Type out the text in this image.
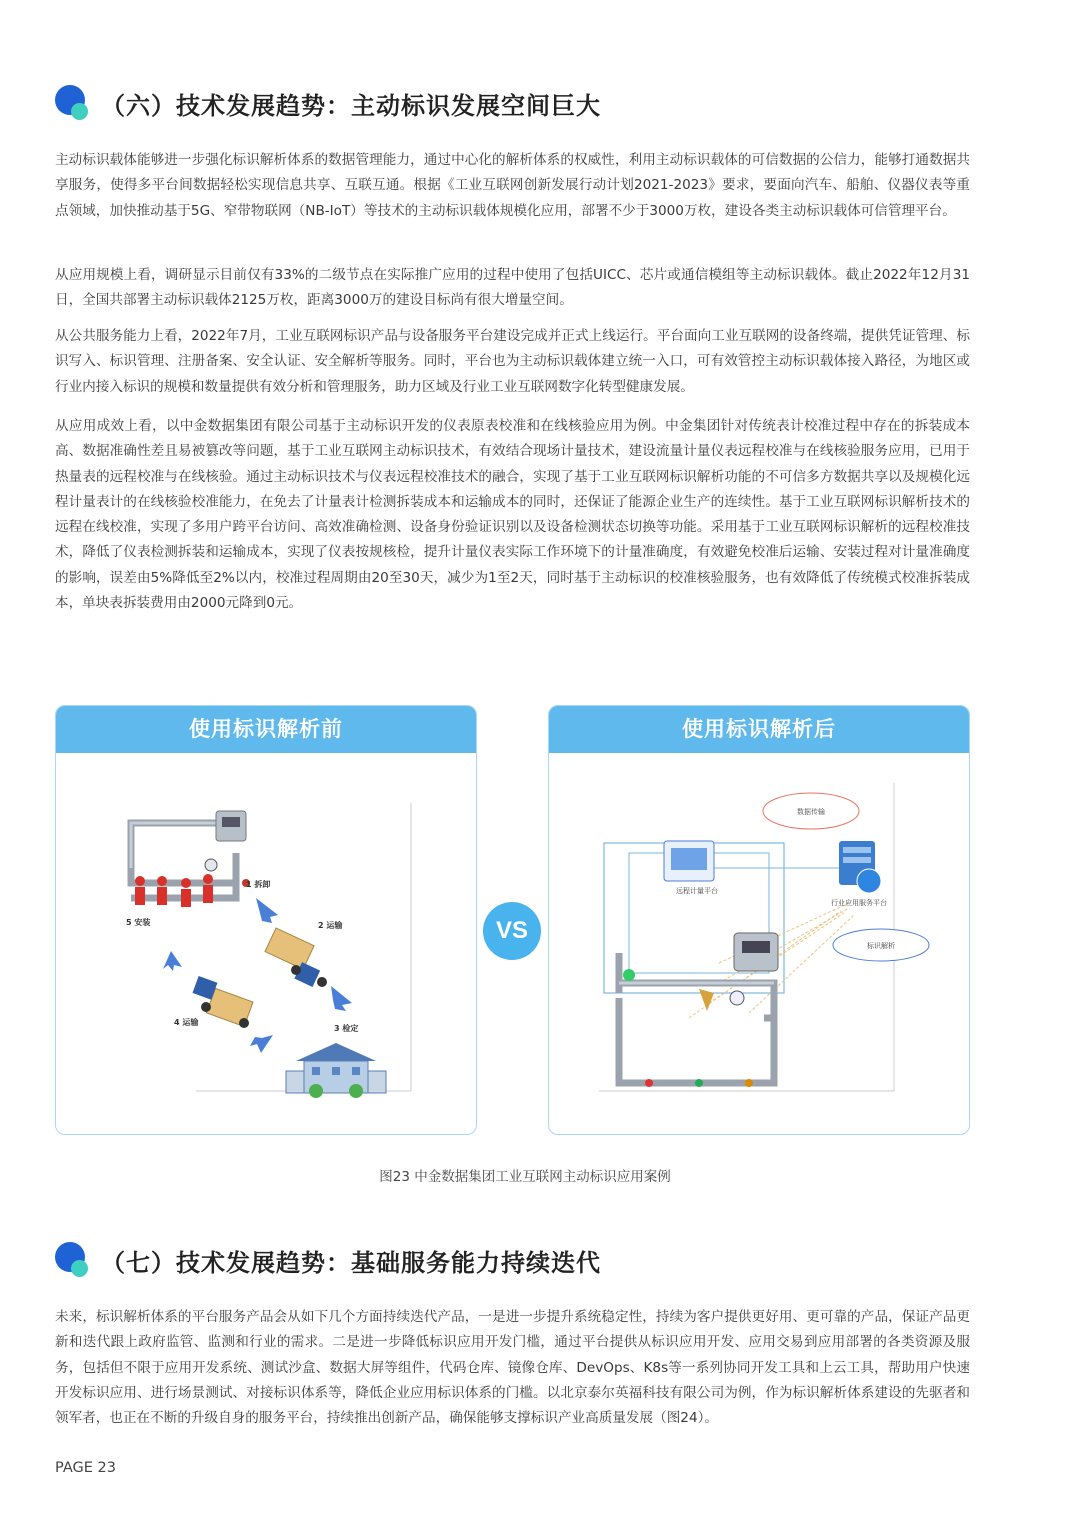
（六）技术发展趋势：主动标识发展空间巨大

主动标识载体能够进一步强化标识解析体系的数据管理能力，通过中心化的解析体系的权威性，利用主动标识载体的可信数据的公信力，能够打通数据共享服务，使得多平台间数据轻松实现信息共享、互联互通。根据《工业互联网创新发展行动计划2021-2023》要求，要面向汽车、船舶、仪器仪表等重点领域，加快推动基于5G、窄带物联网（NB-IoT）等技术的主动标识载体规模化应用，部署不少于3000万枚，建设各类主动标识载体可信管理平台。

从应用规模上看，调研显示目前仅有33%的二级节点在实际推广应用的过程中使用了包括UICC、芯片或通信模组等主动标识载体。截止2022年12月31日，全国共部署主动标识载体2125万枚，距离3000万的建设目标尚有很大增量空间。

从公共服务能力上看，2022年7月，工业互联网标识产品与设备服务平台建设完成并正式上线运行。平台面向工业互联网的设备终端，提供凭证管理、标识写入、标识管理、注册备案、安全认证、安全解析等服务。同时，平台也为主动标识载体建立统一入口，可有效管控主动标识载体接入路径，为地区或行业内接入标识的规模和数量提供有效分析和管理服务，助力区域及行业工业互联网数字化转型健康发展。

从应用成效上看，以中金数据集团有限公司基于主动标识开发的仪表原表校准和在线核验应用为例。中金集团针对传统表计校准过程中存在的拆装成本高、数据准确性差且易被篡改等问题，基于工业互联网主动标识技术，有效结合现场计量技术，建设流量计量仪表远程校准与在线核验服务应用，已用于热量表的远程校准与在线核验。通过主动标识技术与仪表远程校准技术的融合，实现了基于工业互联网标识解析功能的不可信多方数据共享以及规模化远程计量表计的在线核验校准能力，在免去了计量表计检测拆装成本和运输成本的同时，还保证了能源企业生产的连续性。基于工业互联网标识解析技术的远程在线校准，实现了多用户跨平台访问、高效准确检测、设备身份验证识别以及设备检测状态切换等功能。采用基于工业互联网标识解析的远程校准技术，降低了仪表检测拆装和运输成本，实现了仪表按规核检，提升计量仪表实际工作环境下的计量准确度，有效避免校准后运输、安装过程对计量准确度的影响，误差由5%降低至2%以内，校准过程周期由20至30天，减少为1至2天，同时基于主动标识的校准核验服务，也有效降低了传统模式校准拆装成本，单块表拆装费用由2000元降到0元。

使用标识解析前
1 拆卸
5 安装	2 运输
4 运输
3 检定
VS
使用标识解析后
数据传输
远程计量平台
行业应用服务平台
标识解析
图23 中金数据集团工业互联网主动标识应用案例
（七）技术发展趋势：基础服务能力持续迭代

未来，标识解析体系的平台服务产品会从如下几个方面持续迭代产品，一是进一步提升系统稳定性，持续为客户提供更好用、更可靠的产品，保证产品更新和迭代跟上政府监管、监测和行业的需求。二是进一步降低标识应用开发门槛，通过平台提供从标识应用开发、应用交易到应用部署的各类资源及服务，包括但不限于应用开发系统、测试沙盒、数据大屏等组件，代码仓库、镜像仓库、DevOps、K8s等一系列协同开发工具和上云工具，帮助用户快速开发标识应用、进行场景测试、对接标识体系等，降低企业应用标识体系的门槛。以北京泰尔英福科技有限公司为例，作为标识解析体系建设的先驱者和领军者，也正在不断的升级自身的服务平台，持续推出创新产品，确保能够支撑标识产业高质量发展（图24）。

PAGE 23
